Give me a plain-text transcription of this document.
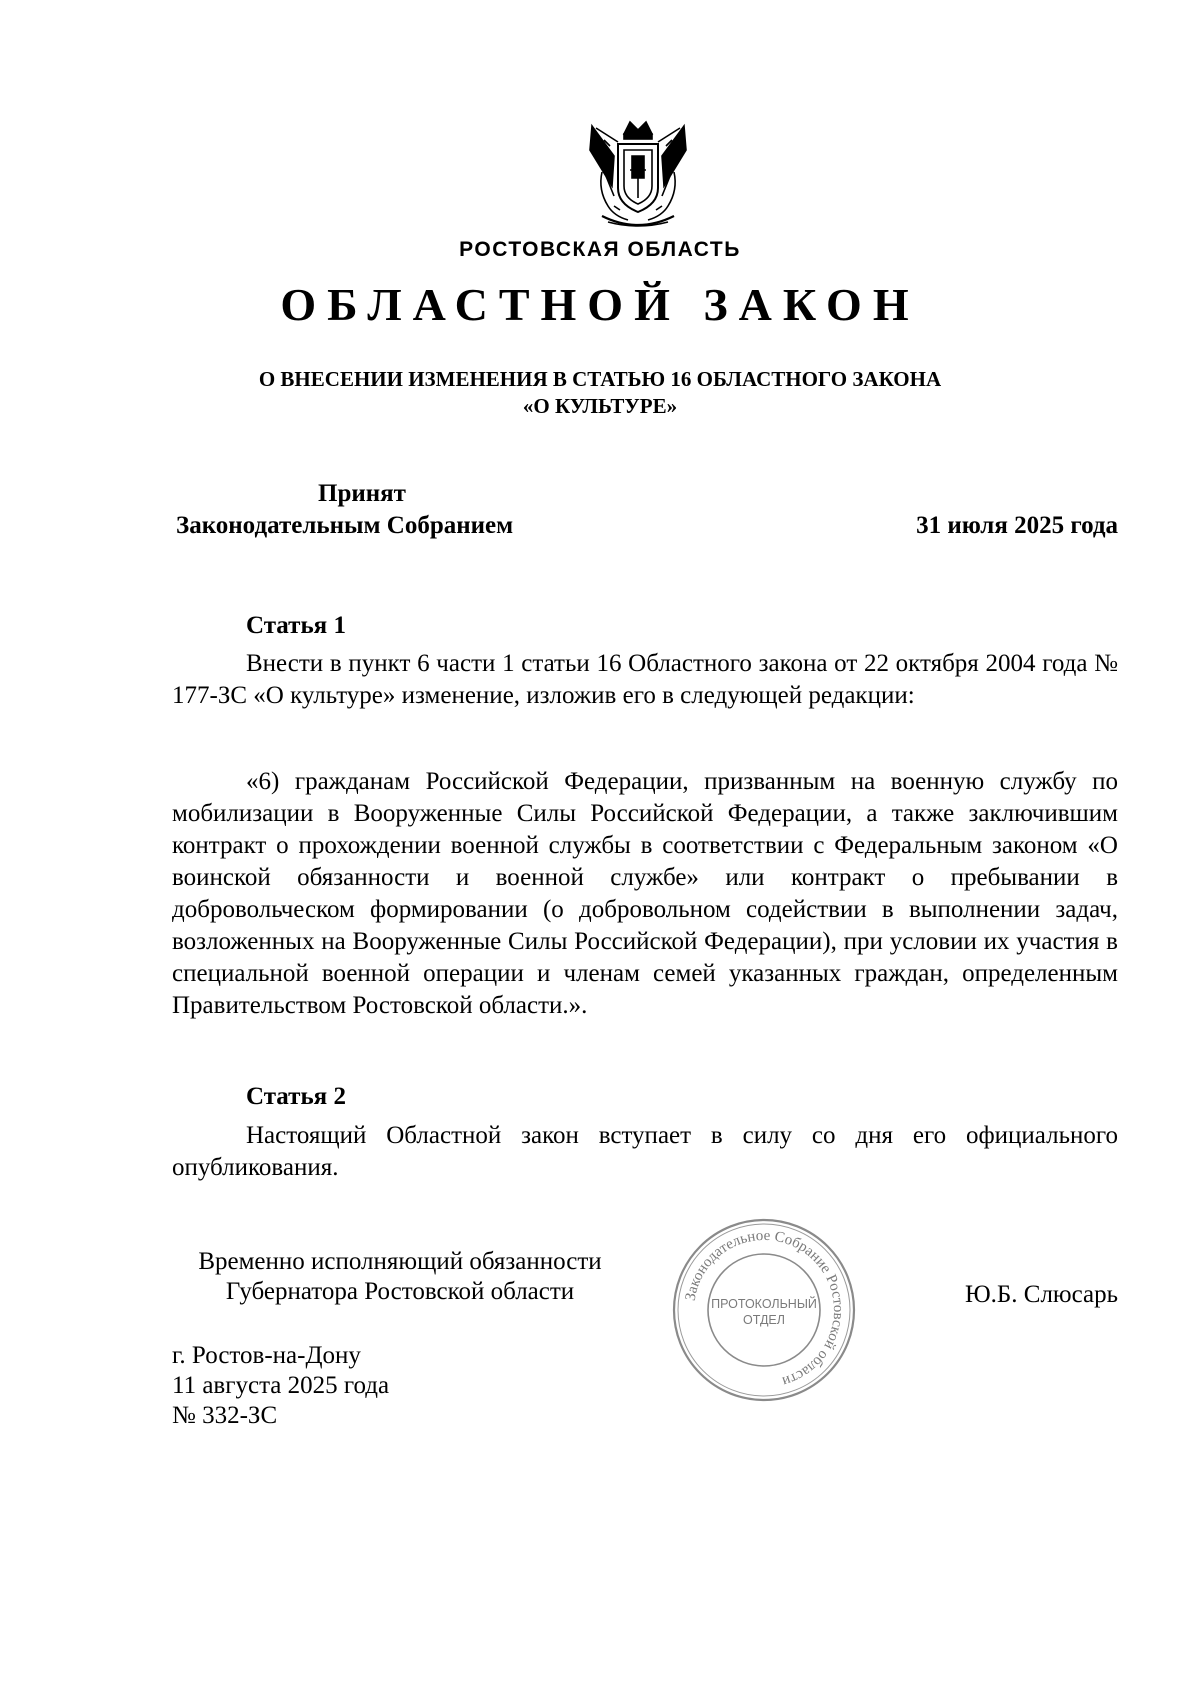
РОСТОВСКАЯ ОБЛАСТЬ
ОБЛАСТНОЙ ЗАКОН
О ВНЕСЕНИИ ИЗМЕНЕНИЯ В СТАТЬЮ 16 ОБЛАСТНОГО ЗАКОНА
«О КУЛЬТУРЕ»
Принят
Законодательным Собранием	31 июля 2025 года
Статья 1

Внести в пункт 6 части 1 статьи 16 Областного закона от 22 октября 2004 года № 177-ЗС «О культуре» изменение, изложив его в следующей редакции:

«6) гражданам Российской Федерации, призванным на военную службу по мобилизации в Вооруженные Силы Российской Федерации, а также заключившим контракт о прохождении военной службы в соответствии с Федеральным законом «О воинской обязанности и военной службе» или контракт о пребывании в добровольческом формировании (о добровольном содействии в выполнении задач, возложенных на Вооруженные Силы Российской Федерации), при условии их участия в специальной военной операции и членам семей указанных граждан, определенным Правительством Ростовской области.».

Статья 2

Настоящий Областной закон вступает в силу со дня его официального опубликования.

Временно исполняющий обязанности
Губернатора Ростовской области	Ю.Б. Слюсарь
г. Ростов-на-Дону
11 августа 2025 года
№ 332-ЗС
Законодательное Собрание Ростовской области
ПРОТОКОЛЬНЫЙ
ОТДЕЛ
